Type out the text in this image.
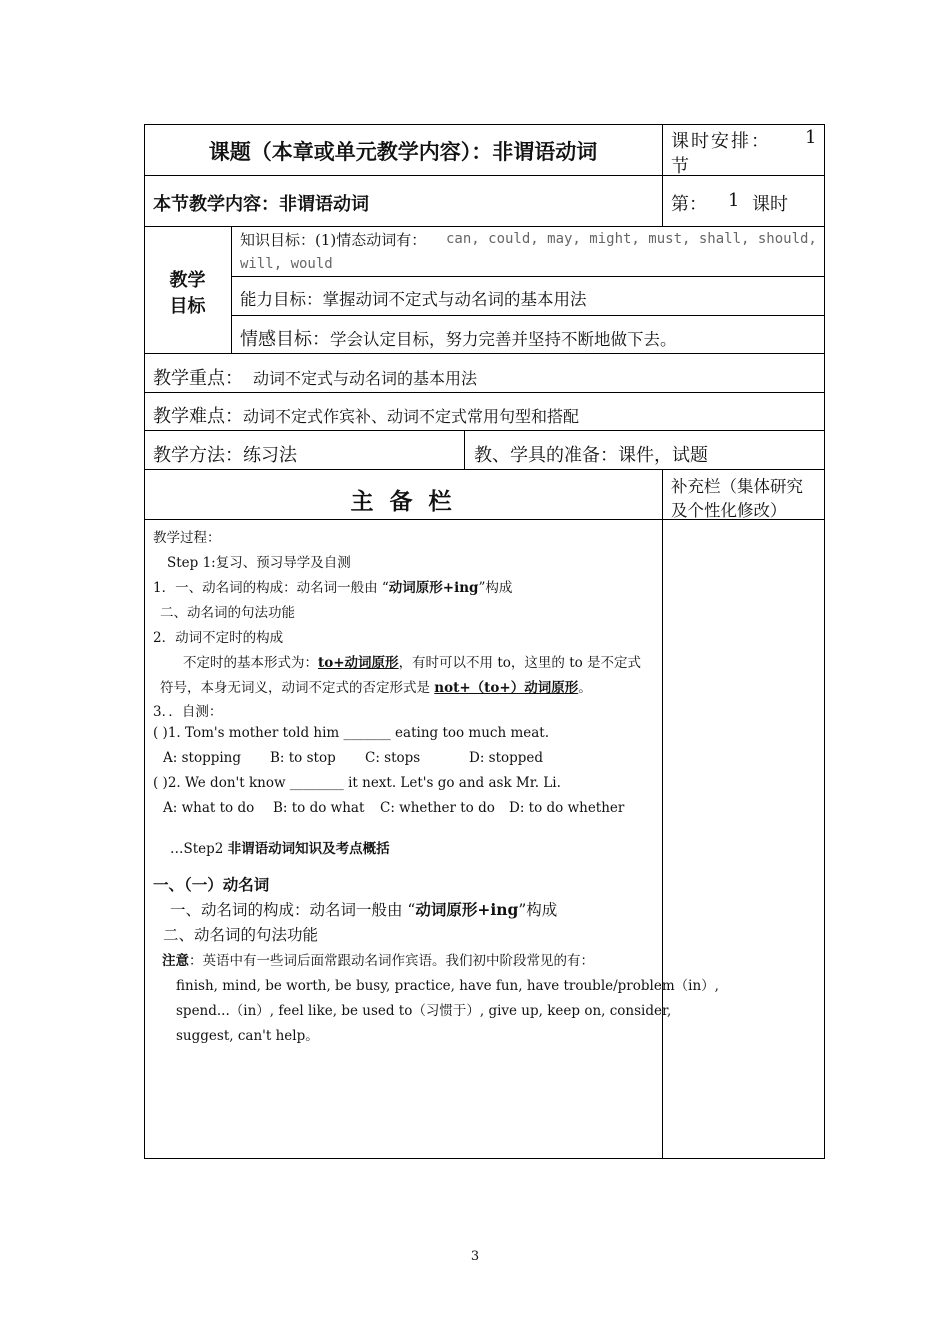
课题（本章或单元教学内容）：非谓语动词	课时安排： 1
节
本节教学内容：非谓语动词	第： 1 课时
教学
目标
知识目标：(1)情态动词有： can, could, may, might, must, shall, should,
will, would
能力目标：掌握动词不定式与动名词的基本用法
情感目标：学会认定目标，努力完善并坚持不断地做下去。
教学重点： 动词不定式与动名词的基本用法
教学难点：动词不定式作宾补、动词不定式常用句型和搭配
教学方法：练习法	教、学具的准备：课件，试题
主 备 栏
补充栏（集体研究
及个性化修改）
教学过程：
Step 1:复习、预习导学及自测
1．一、动名词的构成：动名词一般由 “动词原形+ing”构成
二、动名词的句法功能
2．动词不定时的构成
不定时的基本形式为：to+动词原形，有时可以不用 to，这里的 to 是不定式
符号，本身无词义，动词不定式的否定形式是 not+（to+）动词原形。
3．．自测：
( )1. Tom's mother told him _______ eating too much meat.
A: stopping B: to stop C: stops	D: stopped
( )2. We don't know ________ it next. Let's go and ask Mr. Li.
A: what to do B: to do what C: whether to do D: to do whether
…Step2 非谓语动词知识及考点概括
一、（一）动名词
一、动名词的构成：动名词一般由 “动词原形+ing”构成
二、动名词的句法功能
注意：英语中有一些词后面常跟动名词作宾语。我们初中阶段常见的有：
finish, mind, be worth, be busy, practice, have fun, have trouble/problem（in）,
spend...（in）, feel like, be used to（习惯于）, give up, keep on, consider,
suggest, can't help。
3
